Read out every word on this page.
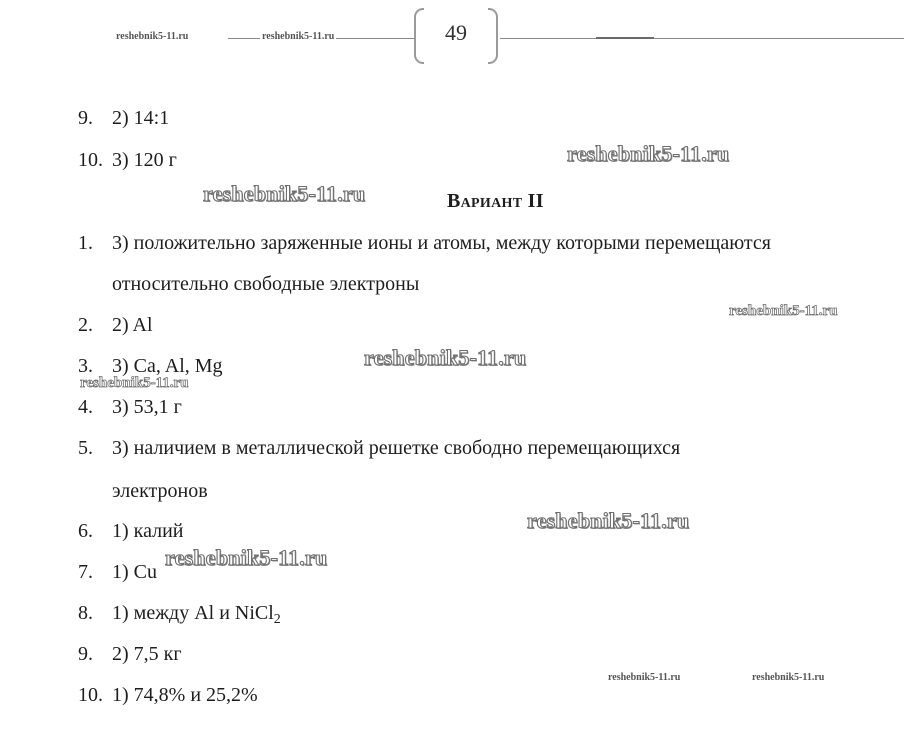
reshebnik5-11.ru	reshebnik5-11.ru	49
9. 2) 14:1
10. 3) 120 г
Вариант II
1. 3) положительно заряженные ионы и атомы, между которыми перемещаются
относительно свободные электроны
2. 2) Al
3. 3) Ca, Al, Mg
4. 3) 53,1 г
5. 3) наличием в металлической решетке свободно перемещающихся
электронов
6. 1) калий
7. 1) Cu
8. 1) между Al и NiCl$_2$
9. 2) 7,5 кг
10. 1) 74,8% и 25,2%
reshebnik5-11.ru
reshebnik5-11.ru
reshebnik5-11.ru
reshebnik5-11.ru
reshebnik5-11.ru
reshebnik5-11.ru
reshebnik5-11.ru
reshebnik5-11.ru	reshebnik5-11.ru
